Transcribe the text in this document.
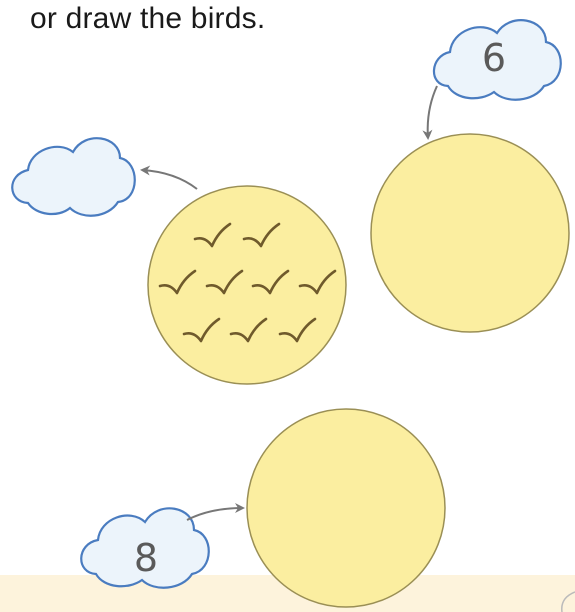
or draw the birds.
6
8
